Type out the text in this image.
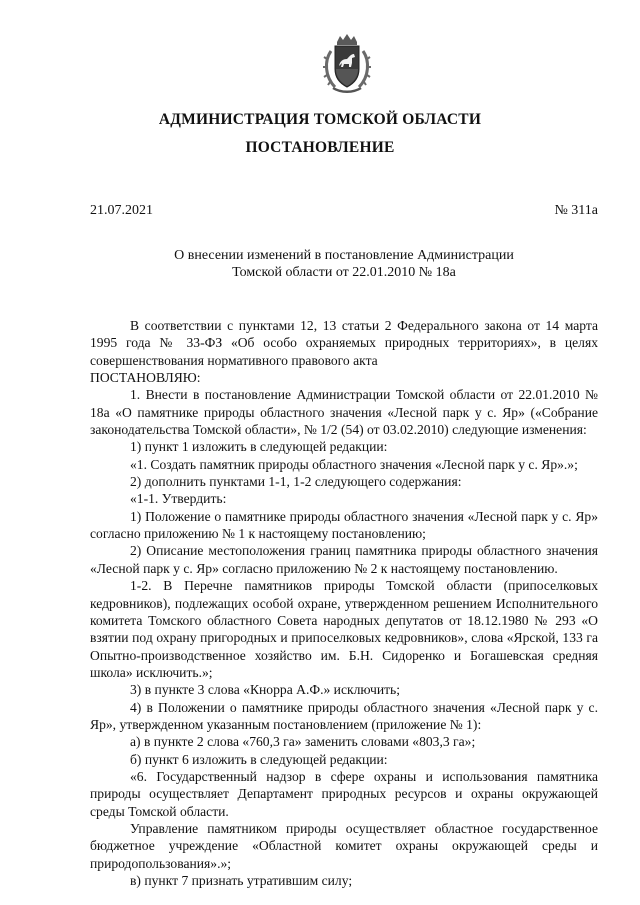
АДМИНИСТРАЦИЯ ТОМСКОЙ ОБЛАСТИ
ПОСТАНОВЛЕНИЕ
21.07.2021	№ 311а
О внесении изменений в постановление Администрации
Томской области от 22.01.2010 № 18а

В соответствии с пунктами 12, 13 статьи 2 Федерального закона от 14 марта 1995 года № 33-ФЗ «Об особо охраняемых природных территориях», в целях совершенствования нормативного правового акта

ПОСТАНОВЛЯЮ:

1. Внести в постановление Администрации Томской области от 22.01.2010 № 18а «О памятнике природы областного значения «Лесной парк у с. Яр» («Собрание законодательства Томской области», № 1/2 (54) от 03.02.2010) следующие изменения:

1) пункт 1 изложить в следующей редакции:

«1. Создать памятник природы областного значения «Лесной парк у с. Яр».»;

2) дополнить пунктами 1-1, 1-2 следующего содержания:

«1-1. Утвердить:

1) Положение о памятнике природы областного значения «Лесной парк у с. Яр» согласно приложению № 1 к настоящему постановлению;

2) Описание местоположения границ памятника природы областного значения «Лесной парк у с. Яр» согласно приложению № 2 к настоящему постановлению.

1-2. В Перечне памятников природы Томской области (припоселковых кедровников), подлежащих особой охране, утвержденном решением Исполнительного комитета Томского областного Совета народных депутатов от 18.12.1980 № 293 «О взятии под охрану пригородных и припоселковых кедровников», слова «Ярской, 133 га Опытно-производственное хозяйство им. Б.Н. Сидоренко и Богашевская средняя школа» исключить.»;

3) в пункте 3 слова «Кнорра А.Ф.» исключить;

4) в Положении о памятнике природы областного значения «Лесной парк у с. Яр», утвержденном указанным постановлением (приложение № 1):

а) в пункте 2 слова «760,3 га» заменить словами «803,3 га»;

б) пункт 6 изложить в следующей редакции:

«6. Государственный надзор в сфере охраны и использования памятника природы осуществляет Департамент природных ресурсов и охраны окружающей среды Томской области.

Управление памятником природы осуществляет областное государственное бюджетное учреждение «Областной комитет охраны окружающей среды и природопользования».»;

в) пункт 7 признать утратившим силу;
